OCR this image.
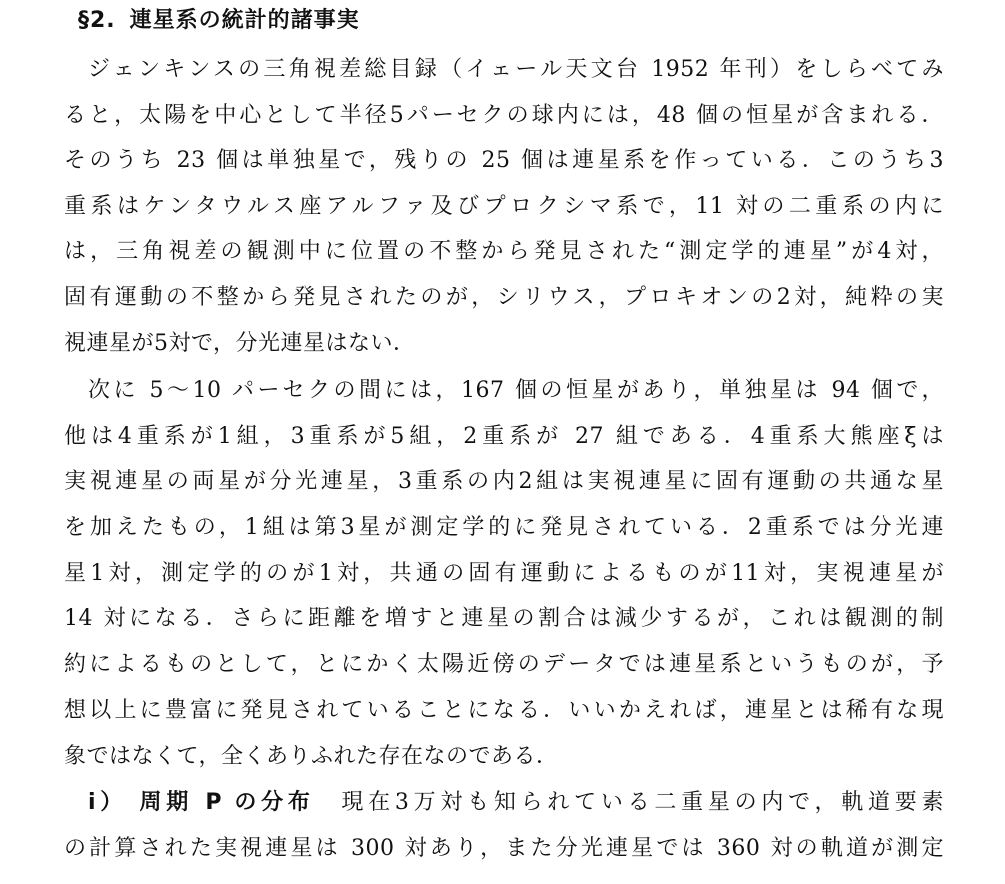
§2. 連星系の統計的諸事実
ジェンキンスの三角視差総目録（イェール天文台 1952 年刊）をしらべてみ
ると，太陽を中心として半径5パーセクの球内には，48 個の恒星が含まれる．
そのうち 23 個は単独星で，残りの 25 個は連星系を作っている．このうち3
重系はケンタウルス座アルファ及びプロクシマ系で，11 対の二重系の内に
は，三角視差の観測中に位置の不整から発見された“測定学的連星”が4対，
固有運動の不整から発見されたのが，シリウス，プロキオンの2対，純粋の実
視連星が5対で，分光連星はない．
次に 5〜10 パーセクの間には，167 個の恒星があり，単独星は 94 個で，
他は4重系が1組，3重系が5組，2重系が 27 組である．4重系大熊座ξは
実視連星の両星が分光連星，3重系の内2組は実視連星に固有運動の共通な星
を加えたもの，1組は第3星が測定学的に発見されている．2重系では分光連
星1対，測定学的のが1対，共通の固有運動によるものが11対，実視連星が
14 対になる．さらに距離を増すと連星の割合は減少するが，これは観測的制
約によるものとして，とにかく太陽近傍のデータでは連星系というものが，予
想以上に豊富に発見されていることになる．いいかえれば，連星とは稀有な現
象ではなくて，全くありふれた存在なのである．
i） 周期 P の分布　 現在3万対も知られている二重星の内で，軌道要素
の計算された実視連星は 300 対あり，また分光連星では 360 対の軌道が測定
